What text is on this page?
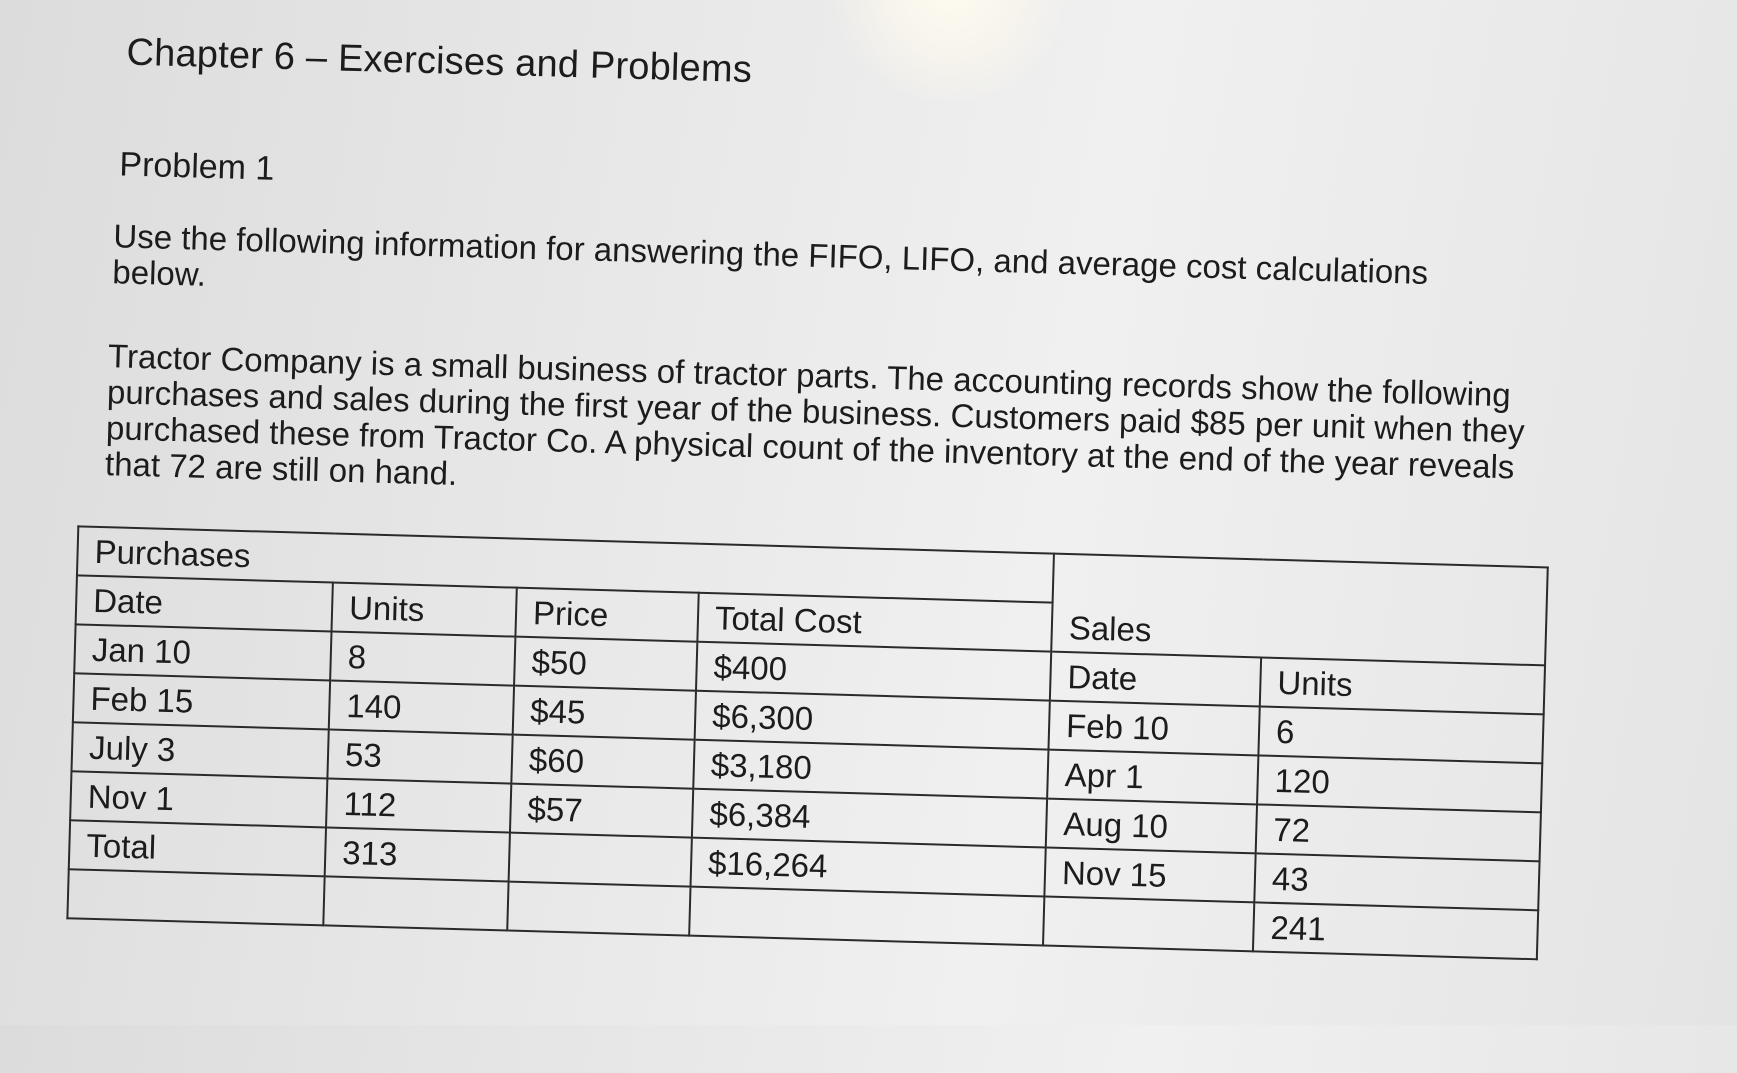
Chapter 6 – Exercises and Problems
Problem 1

Use the following information for answering the FIFO, LIFO, and average cost calculations below.

Tractor Company is a small business of tractor parts. The accounting records show the following purchases and sales during the first year of the business. Customers paid $85 per unit when they purchased these from Tractor Co. A physical count of the inventory at the end of the year reveals that 72 are still on hand.

Purchases					
Date	Units	Price	Total Cost	Sales	
Jan 10	8	$50	$400	Date	Units
Feb 15	140	$45	$6,300	Feb 10	6
July 3	53	$60	$3,180	Apr 1	120
Nov 1	112	$57	$6,384	Aug 10	72
Total	313		$16,264	Nov 15	43
					241
